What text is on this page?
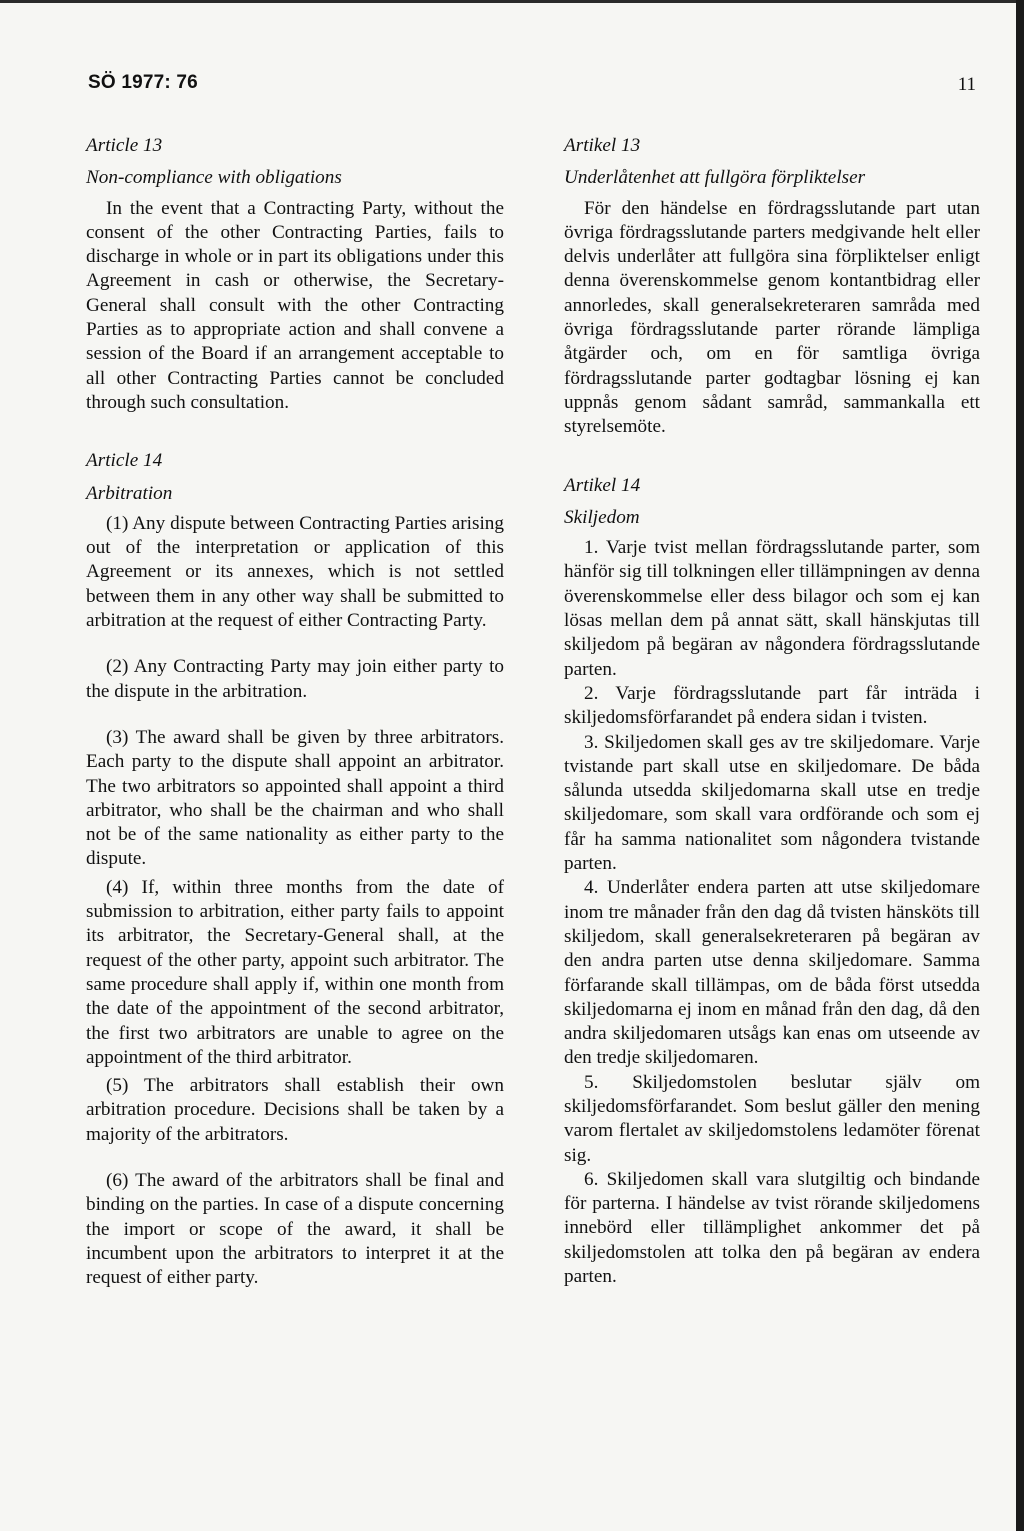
SÖ 1977: 76	11

Article 13

Non-compliance with obligations

In the event that a Contracting Party, without the consent of the other Contracting Parties, fails to discharge in whole or in part its obligations under this Agreement in cash or otherwise, the Secretary-General shall consult with the other Contracting Parties as to appropriate action and shall convene a session of the Board if an arrangement acceptable to all other Contracting Parties cannot be concluded through such consultation.

Article 14

Arbitration

(1) Any dispute between Contracting Parties arising out of the interpretation or application of this Agreement or its annexes, which is not settled between them in any other way shall be submitted to arbitration at the request of either Contracting Party.

(2) Any Contracting Party may join either party to the dispute in the arbitration.

(3) The award shall be given by three arbitrators. Each party to the dispute shall appoint an arbitrator. The two arbitrators so appointed shall appoint a third arbitrator, who shall be the chairman and who shall not be of the same nationality as either party to the dispute.

(4) If, within three months from the date of submission to arbitration, either party fails to appoint its arbitrator, the Secretary-General shall, at the request of the other party, appoint such arbitrator. The same procedure shall apply if, within one month from the date of the appointment of the second arbitrator, the first two arbitrators are unable to agree on the appointment of the third arbitrator.

(5) The arbitrators shall establish their own arbitration procedure. Decisions shall be taken by a majority of the arbitrators.

(6) The award of the arbitrators shall be final and binding on the parties. In case of a dispute concerning the import or scope of the award, it shall be incumbent upon the arbitrators to interpret it at the request of either party.

Artikel 13

Underlåtenhet att fullgöra förpliktelser

För den händelse en fördragsslutande part utan övriga fördragsslutande parters medgivande helt eller delvis underlåter att fullgöra sina förpliktelser enligt denna överenskommelse genom kontantbidrag eller annorledes, skall generalsekreteraren samråda med övriga fördragsslutande parter rörande lämpliga åtgärder och, om en för samtliga övriga fördragsslutande parter godtagbar lösning ej kan uppnås genom sådant samråd, sammankalla ett styrelsemöte.

Artikel 14

Skiljedom

1. Varje tvist mellan fördragsslutande parter, som hänför sig till tolkningen eller tillämpningen av denna överenskommelse eller dess bilagor och som ej kan lösas mellan dem på annat sätt, skall hänskjutas till skiljedom på begäran av någondera fördragsslutande parten.

2. Varje fördragsslutande part får inträda i skiljedomsförfarandet på endera sidan i tvisten.

3. Skiljedomen skall ges av tre skiljedomare. Varje tvistande part skall utse en skiljedomare. De båda sålunda utsedda skiljedomarna skall utse en tredje skiljedomare, som skall vara ordförande och som ej får ha samma nationalitet som någondera tvistande parten.

4. Underlåter endera parten att utse skiljedomare inom tre månader från den dag då tvisten hänsköts till skiljedom, skall generalsekreteraren på begäran av den andra parten utse denna skiljedomare. Samma förfarande skall tillämpas, om de båda först utsedda skiljedomarna ej inom en månad från den dag, då den andra skiljedomaren utsågs kan enas om utseende av den tredje skiljedomaren.

5. Skiljedomstolen beslutar själv om skiljedomsförfarandet. Som beslut gäller den mening varom flertalet av skiljedomstolens ledamöter förenat sig.

6. Skiljedomen skall vara slutgiltig och bindande för parterna. I händelse av tvist rörande skiljedomens innebörd eller tillämplighet ankommer det på skiljedomstolen att tolka den på begäran av endera parten.
